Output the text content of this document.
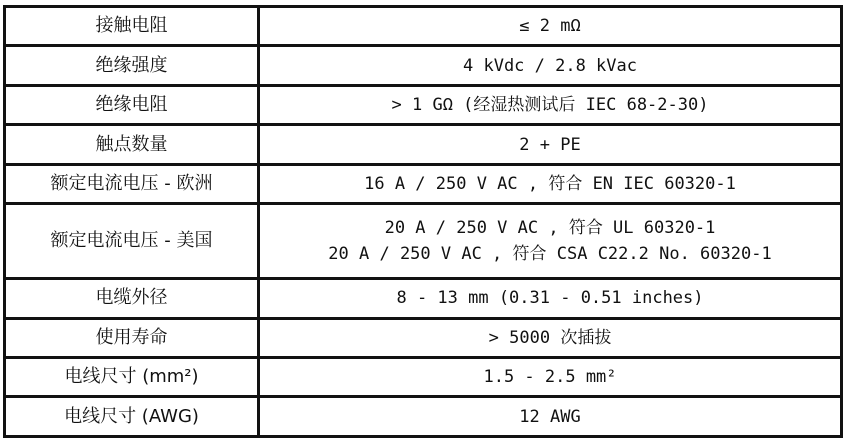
接触电阻	≤ 2 mΩ

绝缘强度	4 kVdc / 2.8 kVac

绝缘电阻	> 1 GΩ (经湿热测试后 IEC 68-2-30)

触点数量	2 + PE

额定电流电压 - 欧洲	16 A / 250 V AC , 符合 EN IEC 60320-1

额定电流电压 - 美国	20 A / 250 V AC , 符合 UL 60320-1
20 A / 250 V AC , 符合 CSA C22.2 No. 60320-1

电缆外径	8 - 13 mm (0.31 - 0.51 inches)

使用寿命	> 5000 次插拔

电线尺寸 (mm²)	1.5 - 2.5 mm²

电线尺寸 (AWG)	12 AWG
